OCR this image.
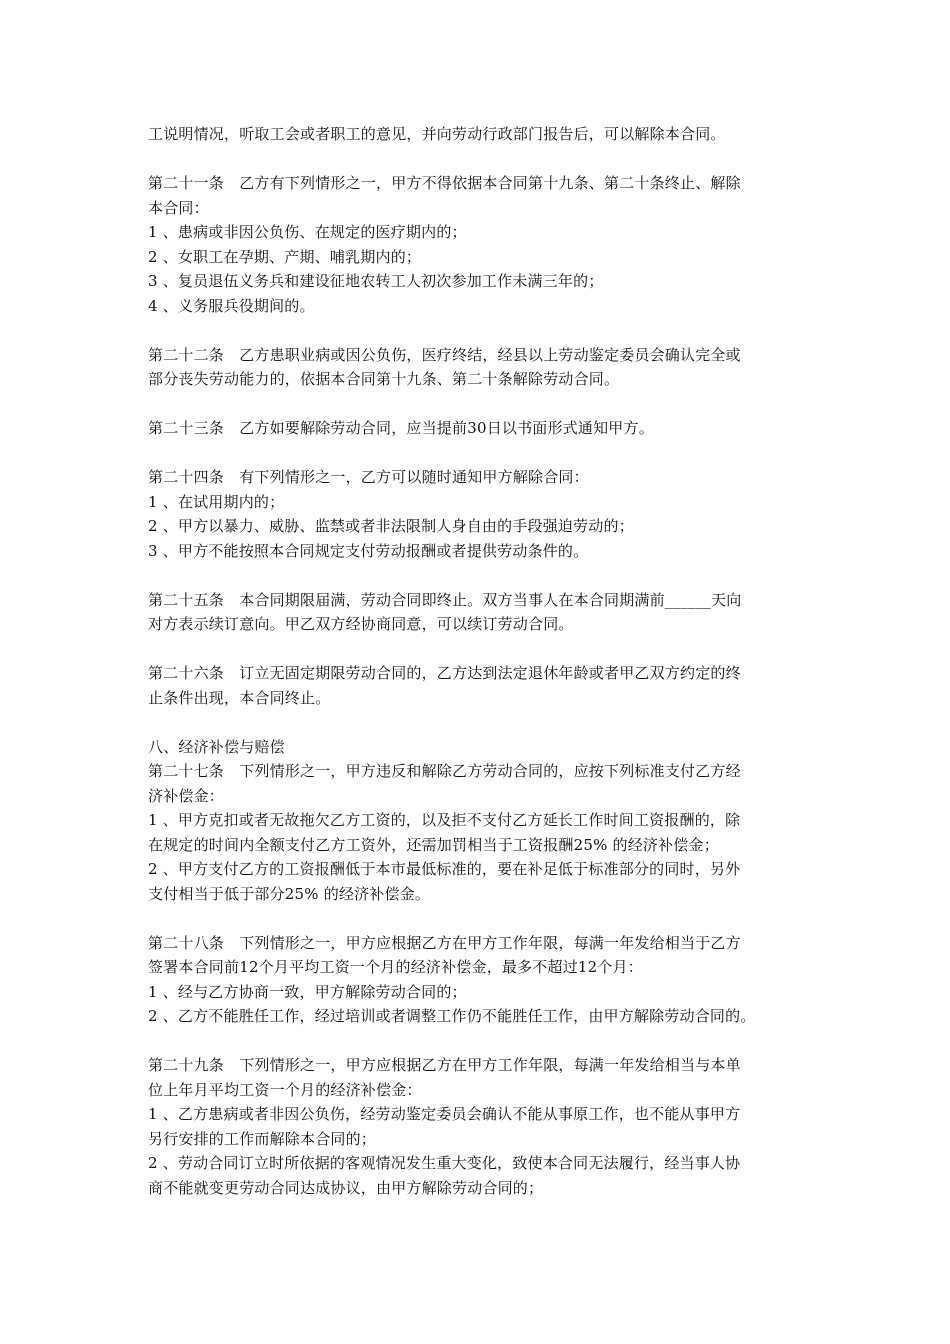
工说明情况，听取工会或者职工的意见，并向劳动行政部门报告后，可以解除本合同。
第二十一条　乙方有下列情形之一，甲方不得依据本合同第十九条、第二十条终止、解除
本合同：
1 、患病或非因公负伤、在规定的医疗期内的；
2 、女职工在孕期、产期、哺乳期内的；
3 、复员退伍义务兵和建设征地农转工人初次参加工作未满三年的；
4 、义务服兵役期间的。
第二十二条　乙方患职业病或因公负伤，医疗终结，经县以上劳动鉴定委员会确认完全或
部分丧失劳动能力的，依据本合同第十九条、第二十条解除劳动合同。
第二十三条　乙方如要解除劳动合同，应当提前30日以书面形式通知甲方。
第二十四条　有下列情形之一，乙方可以随时通知甲方解除合同：
1 、在试用期内的；
2 、甲方以暴力、威胁、监禁或者非法限制人身自由的手段强迫劳动的；
3 、甲方不能按照本合同规定支付劳动报酬或者提供劳动条件的。
第二十五条　本合同期限届满，劳动合同即终止。双方当事人在本合同期满前______天向
对方表示续订意向。甲乙双方经协商同意，可以续订劳动合同。
第二十六条　订立无固定期限劳动合同的，乙方达到法定退休年龄或者甲乙双方约定的终
止条件出现，本合同终止。
八、经济补偿与赔偿
第二十七条　下列情形之一，甲方违反和解除乙方劳动合同的，应按下列标准支付乙方经
济补偿金：
1 、甲方克扣或者无故拖欠乙方工资的，以及拒不支付乙方延长工作时间工资报酬的，除
在规定的时间内全额支付乙方工资外，还需加罚相当于工资报酬25% 的经济补偿金；
2 、甲方支付乙方的工资报酬低于本市最低标准的，要在补足低于标准部分的同时，另外
支付相当于低于部分25% 的经济补偿金。
第二十八条　下列情形之一，甲方应根据乙方在甲方工作年限，每满一年发给相当于乙方
签署本合同前12个月平均工资一个月的经济补偿金，最多不超过12个月：
1 、经与乙方协商一致，甲方解除劳动合同的；
2 、乙方不能胜任工作，经过培训或者调整工作仍不能胜任工作，由甲方解除劳动合同的。
第二十九条　下列情形之一，甲方应根据乙方在甲方工作年限，每满一年发给相当与本单
位上年月平均工资一个月的经济补偿金：
1 、乙方患病或者非因公负伤，经劳动鉴定委员会确认不能从事原工作，也不能从事甲方
另行安排的工作而解除本合同的；
2 、劳动合同订立时所依据的客观情况发生重大变化，致使本合同无法履行，经当事人协
商不能就变更劳动合同达成协议，由甲方解除劳动合同的；
